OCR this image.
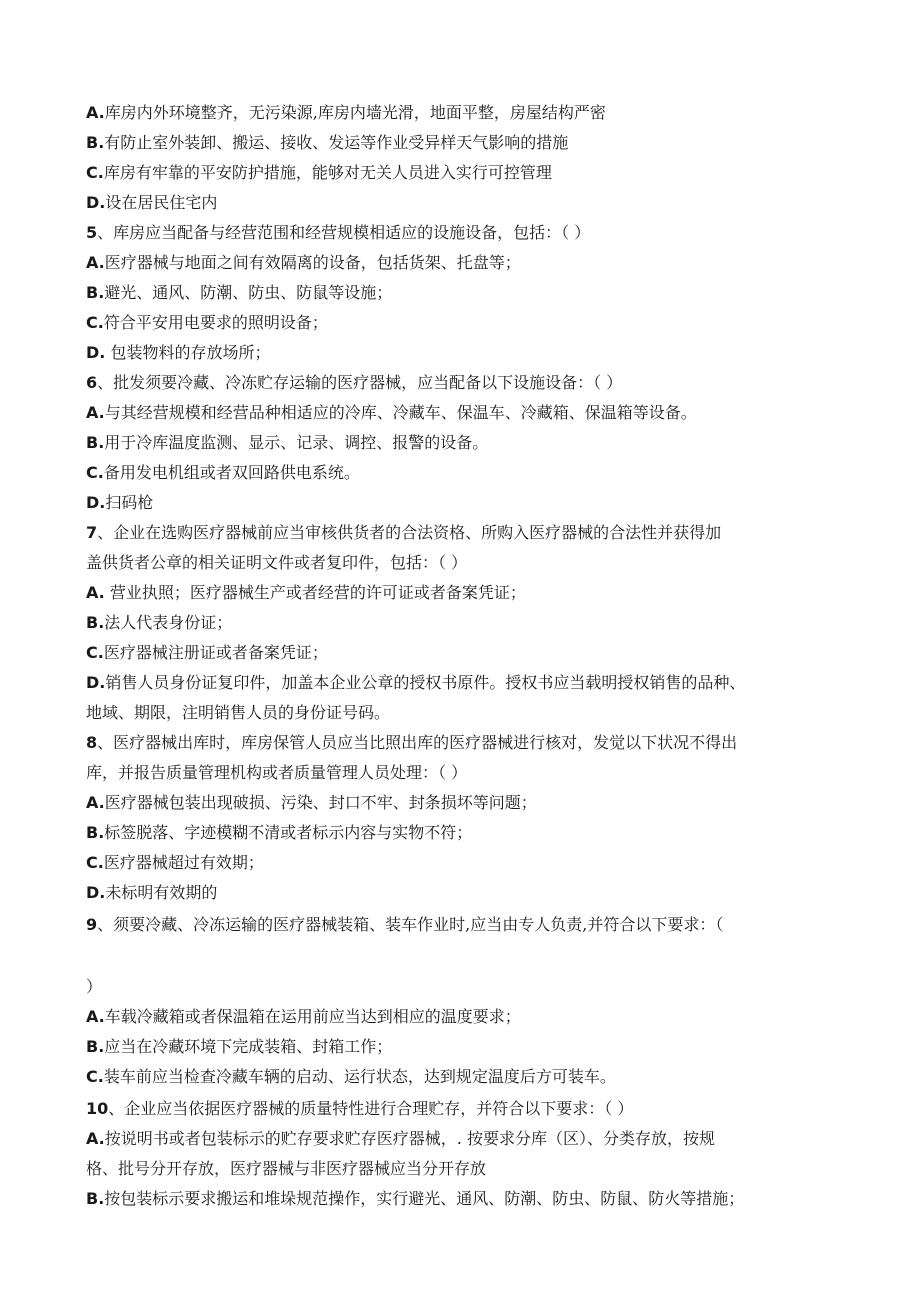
A.库房内外环境整齐，无污染源,库房内墙光滑，地面平整，房屋结构严密
B.有防止室外装卸、搬运、接收、发运等作业受异样天气影响的措施
C.库房有牢靠的平安防护措施，能够对无关人员进入实行可控管理
D.设在居民住宅内
5、库房应当配备与经营范围和经营规模相适应的设施设备，包括：（ ）
A.医疗器械与地面之间有效隔离的设备，包括货架、托盘等；
B.避光、通风、防潮、防虫、防鼠等设施；
C.符合平安用电要求的照明设备；
D. 包装物料的存放场所；
6、批发须要冷藏、冷冻贮存运输的医疗器械，应当配备以下设施设备：（ ）
A.与其经营规模和经营品种相适应的冷库、冷藏车、保温车、冷藏箱、保温箱等设备。
B.用于冷库温度监测、显示、记录、调控、报警的设备。
C.备用发电机组或者双回路供电系统。
D.扫码枪
7、企业在选购医疗器械前应当审核供货者的合法资格、所购入医疗器械的合法性并获得加
盖供货者公章的相关证明文件或者复印件，包括：（ ）
A. 营业执照；医疗器械生产或者经营的许可证或者备案凭证；
B.法人代表身份证；
C.医疗器械注册证或者备案凭证；
D.销售人员身份证复印件，加盖本企业公章的授权书原件。授权书应当载明授权销售的品种、
地域、期限，注明销售人员的身份证号码。
8、医疗器械出库时，库房保管人员应当比照出库的医疗器械进行核对，发觉以下状况不得出
库，并报告质量管理机构或者质量管理人员处理：（ ）
A.医疗器械包装出现破损、污染、封口不牢、封条损坏等问题；
B.标签脱落、字迹模糊不清或者标示内容与实物不符；
C.医疗器械超过有效期；
D.未标明有效期的
9、须要冷藏、冷冻运输的医疗器械装箱、装车作业时,应当由专人负责,并符合以下要求：（
）
A.车载冷藏箱或者保温箱在运用前应当达到相应的温度要求；
B.应当在冷藏环境下完成装箱、封箱工作；
C.装车前应当检查冷藏车辆的启动、运行状态，达到规定温度后方可装车。
10、企业应当依据医疗器械的质量特性进行合理贮存，并符合以下要求：（ ）
A.按说明书或者包装标示的贮存要求贮存医疗器械，. 按要求分库（区）、分类存放，按规
格、批号分开存放，医疗器械与非医疗器械应当分开存放
B.按包装标示要求搬运和堆垛规范操作，实行避光、通风、防潮、防虫、防鼠、防火等措施；
